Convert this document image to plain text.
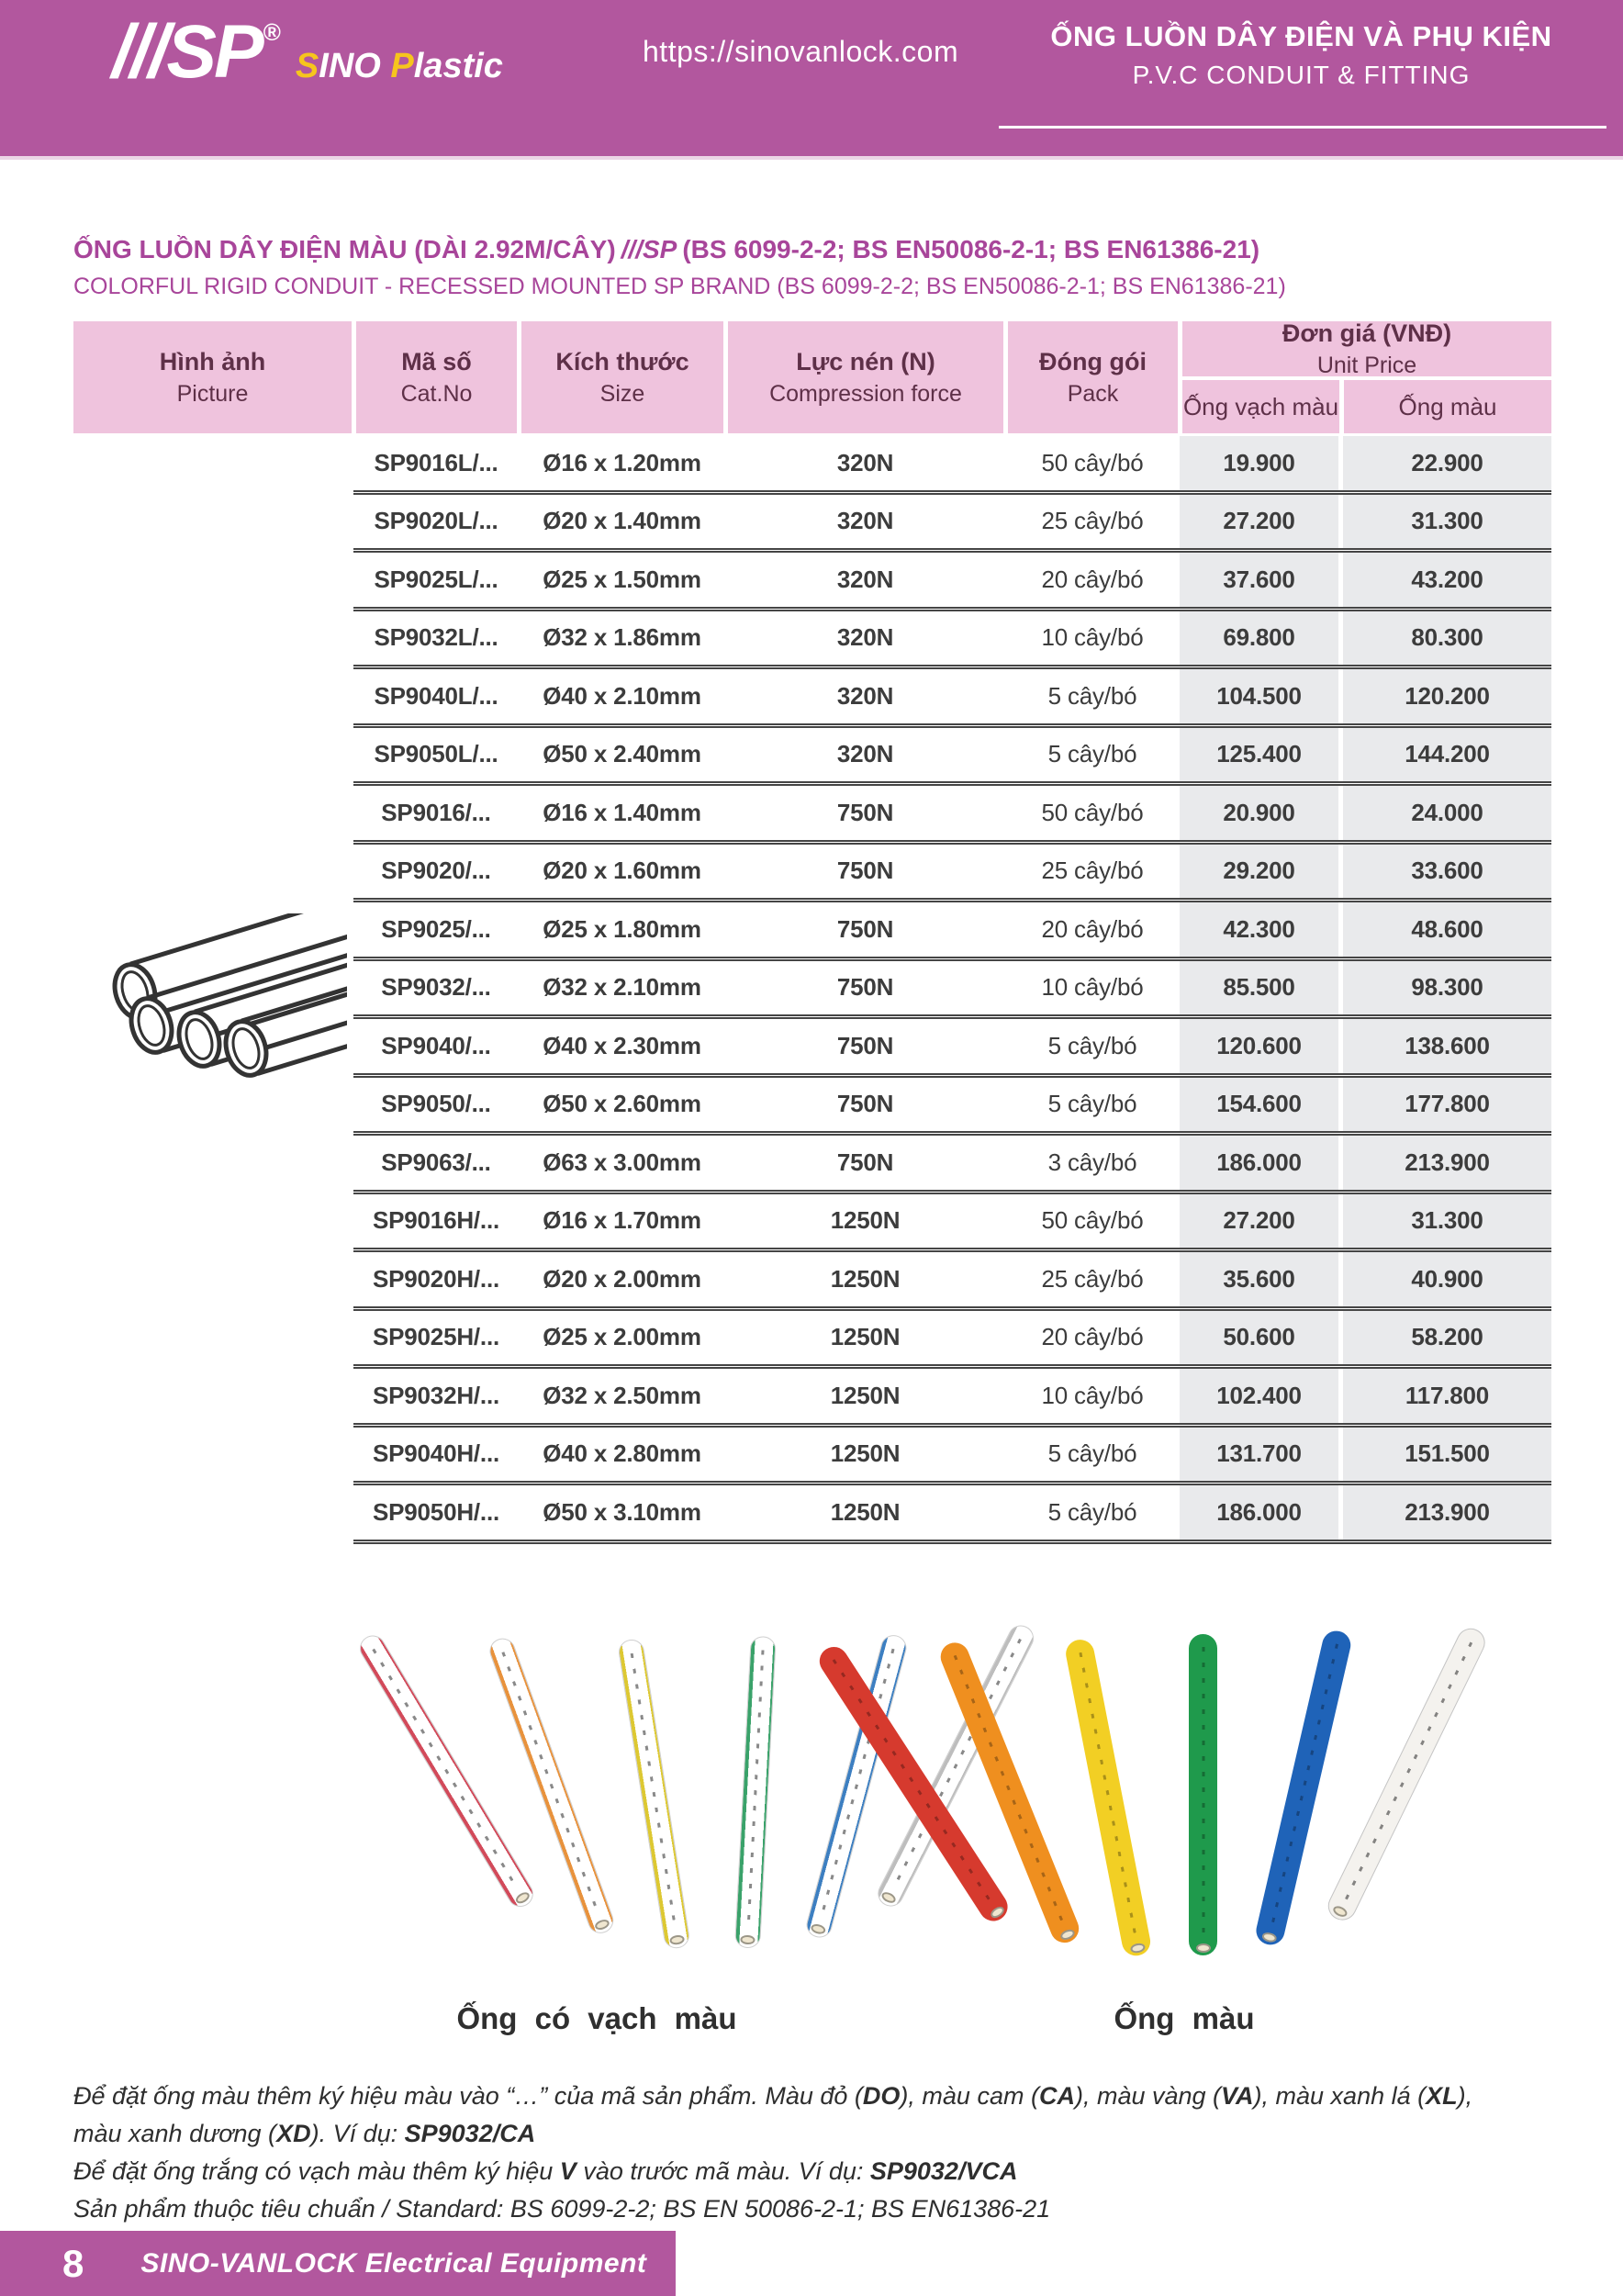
///SP ®
SINO Plastic	https://sinovanlock.com	ỐNG LUỒN DÂY ĐIỆN VÀ PHỤ KIỆN
P.V.C CONDUIT & FITTING
ỐNG LUỒN DÂY ĐIỆN MÀU (DÀI 2.92M/CÂY) ///SP (BS 6099-2-2; BS EN50086-2-1; BS EN61386-21)
COLORFUL RIGID CONDUIT - RECESSED MOUNTED SP BRAND (BS 6099-2-2; BS EN50086-2-1; BS EN61386-21)
Hình ảnh
Picture
Mã số
Cat.No
Kích thước
Size
Lực nén (N)
Compression force
Đóng gói
Pack
Đơn giá (VNĐ)
Unit Price
Ống vạch màu	Ống màu
SP9016L/...	Ø16 x 1.20mm	320N	50 cây/bó	19.900	22.900
SP9020L/...	Ø20 x 1.40mm	320N	25 cây/bó	27.200	31.300
SP9025L/...	Ø25 x 1.50mm	320N	20 cây/bó	37.600	43.200
SP9032L/...	Ø32 x 1.86mm	320N	10 cây/bó	69.800	80.300
SP9040L/...	Ø40 x 2.10mm	320N	5 cây/bó	104.500	120.200
SP9050L/...	Ø50 x 2.40mm	320N	5 cây/bó	125.400	144.200
SP9016/...	Ø16 x 1.40mm	750N	50 cây/bó	20.900	24.000
SP9020/...	Ø20 x 1.60mm	750N	25 cây/bó	29.200	33.600
SP9025/...	Ø25 x 1.80mm	750N	20 cây/bó	42.300	48.600
SP9032/...	Ø32 x 2.10mm	750N	10 cây/bó	85.500	98.300
SP9040/...	Ø40 x 2.30mm	750N	5 cây/bó	120.600	138.600
SP9050/...	Ø50 x 2.60mm	750N	5 cây/bó	154.600	177.800
SP9063/...	Ø63 x 3.00mm	750N	3 cây/bó	186.000	213.900
SP9016H/...	Ø16 x 1.70mm	1250N	50 cây/bó	27.200	31.300
SP9020H/...	Ø20 x 2.00mm	1250N	25 cây/bó	35.600	40.900
SP9025H/...	Ø25 x 2.00mm	1250N	20 cây/bó	50.600	58.200
SP9032H/...	Ø32 x 2.50mm	1250N	10 cây/bó	102.400	117.800
SP9040H/...	Ø40 x 2.80mm	1250N	5 cây/bó	131.700	151.500
SP9050H/...	Ø50 x 3.10mm	1250N	5 cây/bó	186.000	213.900
Ống có vạch màu	Ống màu
Để đặt ống màu thêm ký hiệu màu vào “…” của mã sản phẩm. Màu đỏ (DO), màu cam (CA), màu vàng (VA), màu xanh lá (XL),
màu xanh dương (XD). Ví dụ: SP9032/CA
Để đặt ống trắng có vạch màu thêm ký hiệu V vào trước mã màu. Ví dụ: SP9032/VCA
Sản phẩm thuộc tiêu chuẩn / Standard: BS 6099-2-2; BS EN 50086-2-1; BS EN61386-21
8 SINO-VANLOCK Electrical Equipment
